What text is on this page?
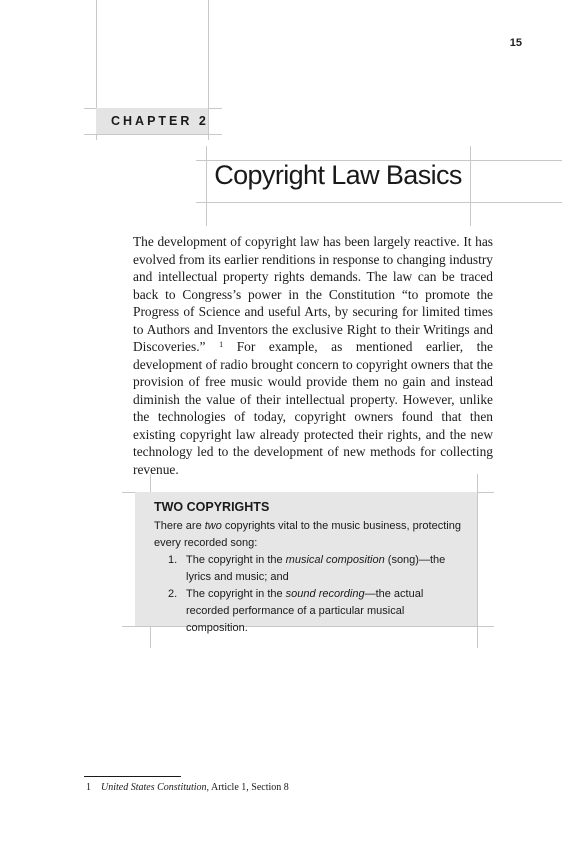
15
CHAPTER 2
Copyright Law Basics

The development of copyright law has been largely reactive. It has evolved from its earlier renditions in response to changing industry and intellectual property rights demands. The law can be traced back to Congress’s power in the Constitution “to promote the Progress of Science and useful Arts, by securing for limited times to Authors and Inventors the exclusive Right to their Writings and Discoveries.” $^1$ For example, as mentioned earlier, the development of radio brought concern to copyright owners that the provision of free music would provide them no gain and instead diminish the value of their intellectual property. However, unlike the technologies of today, copyright owners found that then existing copyright law already protected their rights, and the new technology led to the development of new methods for collecting revenue.

TWO COPYRIGHTS

There are two copyrights vital to the music business, protecting every recorded song:

1. The copyright in the musical composition (song)—the lyrics and music; and
2. The copyright in the sound recording—the actual recorded performance of a particular musical composition.
1 United States Constitution, Article 1, Section 8
